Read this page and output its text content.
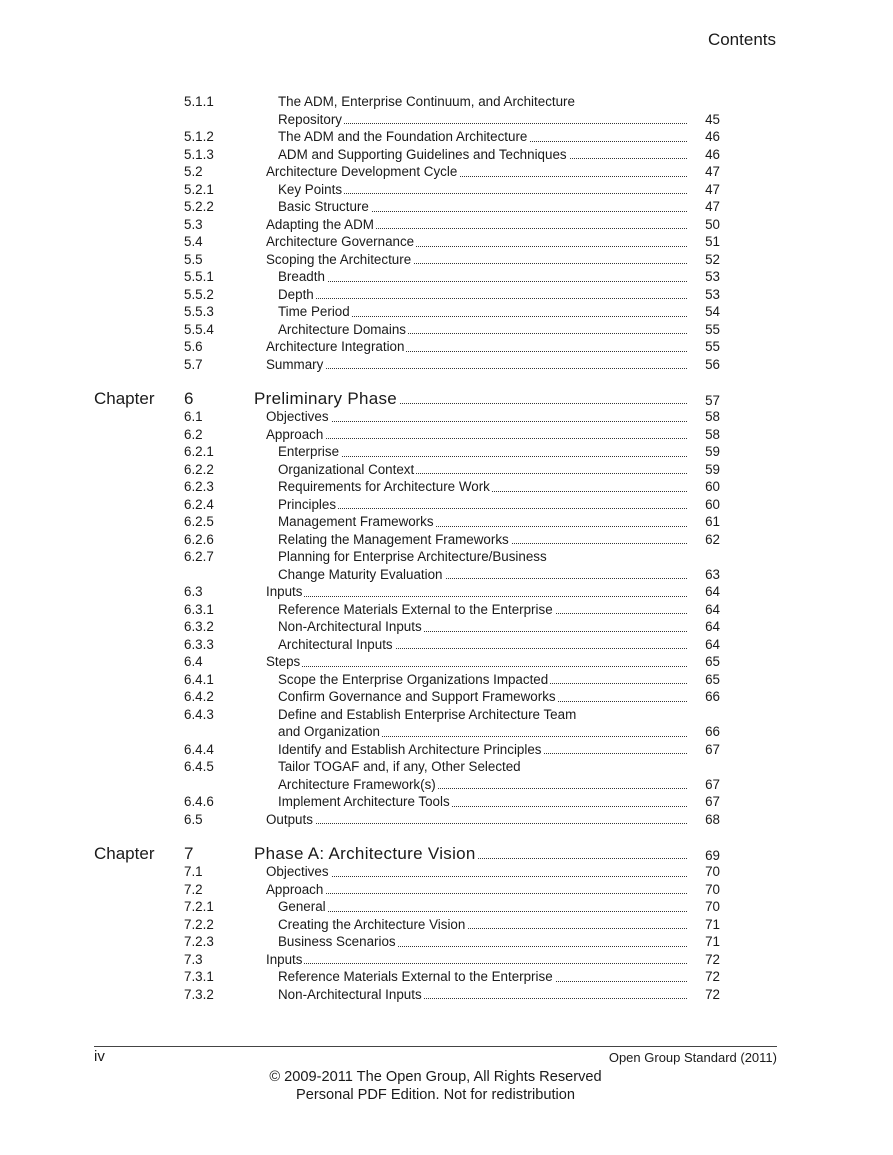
Contents
5.1.1	The ADM, Enterprise Continuum, and Architecture
Repository	45
5.1.2	The ADM and the Foundation Architecture	46
5.1.3	ADM and Supporting Guidelines and Techniques	46
5.2	Architecture Development Cycle	47
5.2.1	Key Points	47
5.2.2	Basic Structure	47
5.3	Adapting the ADM	50
5.4	Architecture Governance	51
5.5	Scoping the Architecture	52
5.5.1	Breadth	53
5.5.2	Depth	53
5.5.3	Time Period	54
5.5.4	Architecture Domains	55
5.6	Architecture Integration	55
5.7	Summary	56
Chapter 6	Preliminary Phase	57
6.1	Objectives	58
6.2	Approach	58
6.2.1	Enterprise	59
6.2.2	Organizational Context	59
6.2.3	Requirements for Architecture Work	60
6.2.4	Principles	60
6.2.5	Management Frameworks	61
6.2.6	Relating the Management Frameworks	62
6.2.7	Planning for Enterprise Architecture/Business
Change Maturity Evaluation	63
6.3	Inputs	64
6.3.1	Reference Materials External to the Enterprise	64
6.3.2	Non-Architectural Inputs	64
6.3.3	Architectural Inputs	64
6.4	Steps	65
6.4.1	Scope the Enterprise Organizations Impacted	65
6.4.2	Confirm Governance and Support Frameworks	66
6.4.3	Define and Establish Enterprise Architecture Team
and Organization	66
6.4.4	Identify and Establish Architecture Principles	67
6.4.5	Tailor TOGAF and, if any, Other Selected
Architecture Framework(s)	67
6.4.6	Implement Architecture Tools	67
6.5	Outputs	68
Chapter 7	Phase A: Architecture Vision	69
7.1	Objectives	70
7.2	Approach	70
7.2.1	General	70
7.2.2	Creating the Architecture Vision	71
7.2.3	Business Scenarios	71
7.3	Inputs	72
7.3.1	Reference Materials External to the Enterprise	72
7.3.2	Non-Architectural Inputs	72
iv	Open Group Standard (2011)
© 2009-2011 The Open Group, All Rights Reserved
Personal PDF Edition. Not for redistribution
